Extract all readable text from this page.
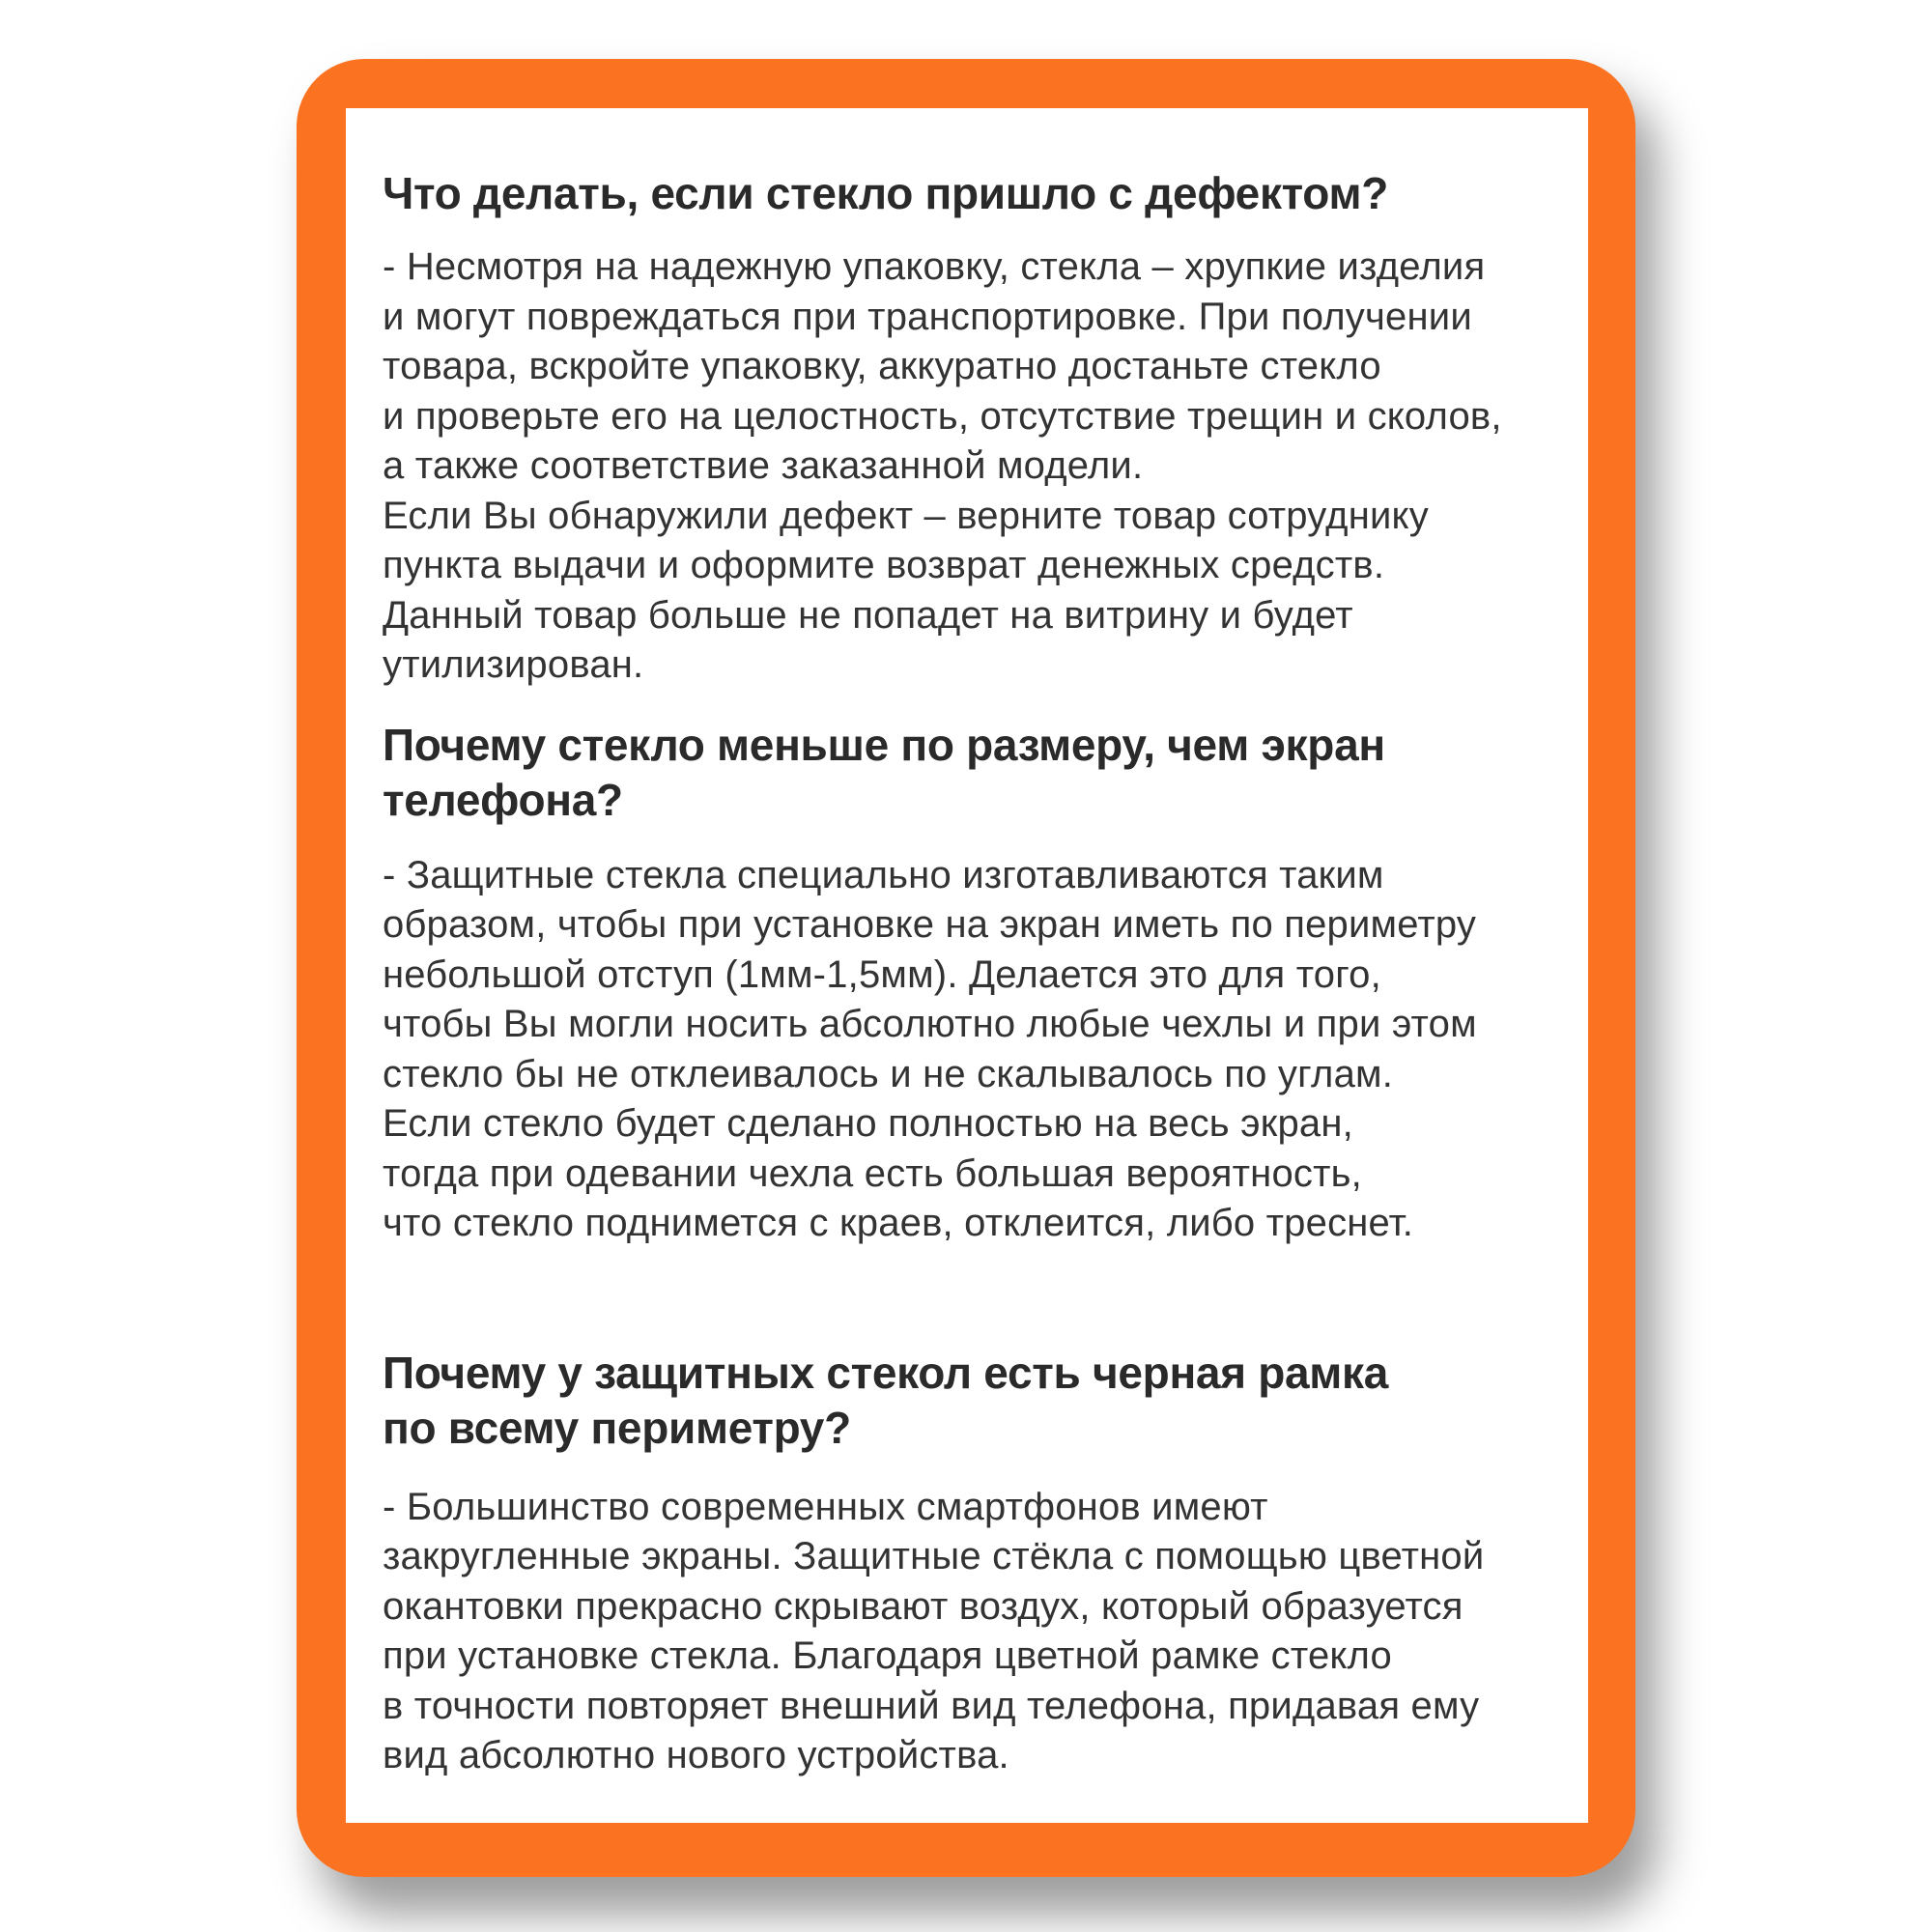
Что делать, если стекло пришло с дефектом?

- Несмотря на надежную упаковку, стекла – хрупкие изделия
и могут повреждаться при транспортировке. При получении
товара, вскройте упаковку, аккуратно достаньте стекло
и проверьте его на целостность, отсутствие трещин и сколов,
а также соответствие заказанной модели.
Если Вы обнаружили дефект – верните товар сотруднику
пункта выдачи и оформите возврат денежных средств.
Данный товар больше не попадет на витрину и будет
утилизирован.

Почему стекло меньше по размеру, чем экран
телефона?

- Защитные стекла специально изготавливаются таким
образом, чтобы при установке на экран иметь по периметру
небольшой отступ (1мм-1,5мм). Делается это для того,
чтобы Вы могли носить абсолютно любые чехлы и при этом
стекло бы не отклеивалось и не скалывалось по углам.
Если стекло будет сделано полностью на весь экран,
тогда при одевании чехла есть большая вероятность,
что стекло поднимется с краев, отклеится, либо треснет.

Почему у защитных стекол есть черная рамка
по всему периметру?

- Большинство современных смартфонов имеют
закругленные экраны. Защитные стёкла с помощью цветной
окантовки прекрасно скрывают воздух, который образуется
при установке стекла. Благодаря цветной рамке стекло
в точности повторяет внешний вид телефона, придавая ему
вид абсолютно нового устройства.
